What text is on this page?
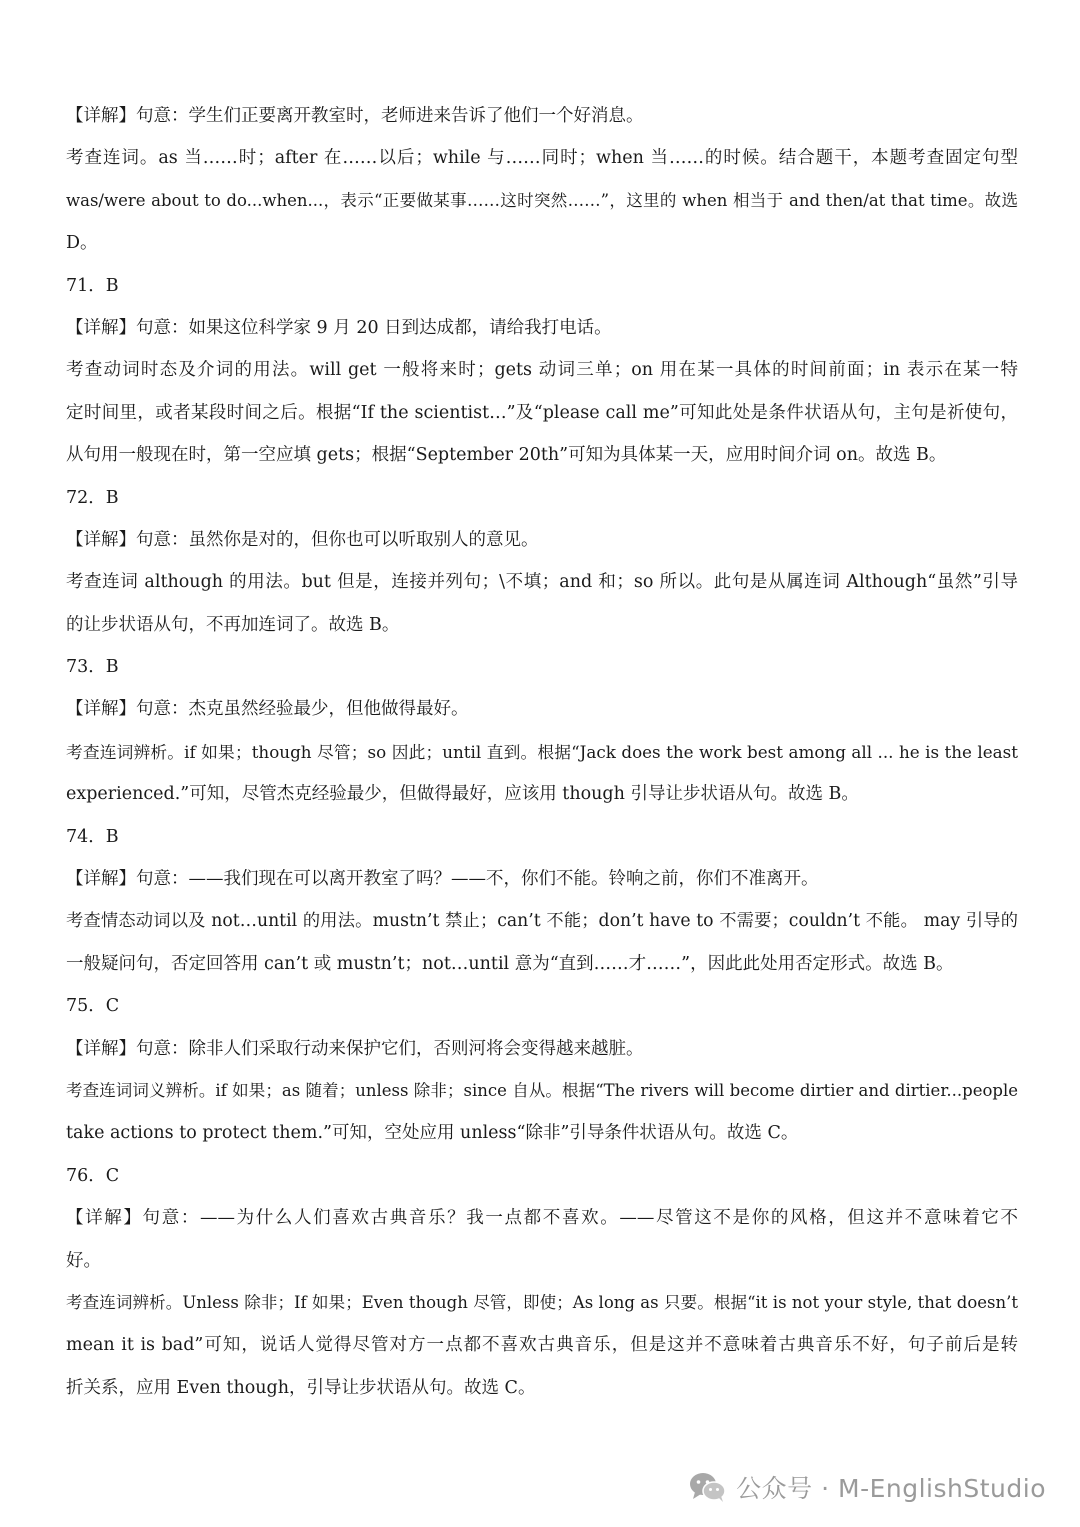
【详解】句意：学生们正要离开教室时，老师进来告诉了他们一个好消息。
考查连词。as 当……时；after 在……以后；while 与……同时；when 当……的时候。结合题干，本题考查固定句型
was/were about to do...when...，表示“正要做某事……这时突然……”，这里的 when 相当于 and then/at that time。故选
D。
71．B
【详解】句意：如果这位科学家 9 月 20 日到达成都，请给我打电话。
考查动词时态及介词的用法。will get 一般将来时；gets 动词三单；on 用在某一具体的时间前面；in 表示在某一特
定时间里，或者某段时间之后。根据“If the scientist…”及“please call me”可知此处是条件状语从句，主句是祈使句，
从句用一般现在时，第一空应填 gets；根据“September 20th”可知为具体某一天，应用时间介词 on。故选 B。
72．B
【详解】句意：虽然你是对的，但你也可以听取别人的意见。
考查连词 although 的用法。but 但是，连接并列句；\不填；and 和；so 所以。此句是从属连词 Although“虽然”引导
的让步状语从句，不再加连词了。故选 B。
73．B
【详解】句意：杰克虽然经验最少，但他做得最好。
考查连词辨析。if 如果；though 尽管；so 因此；until 直到。根据“Jack does the work best among all ... he is the least
experienced.”可知，尽管杰克经验最少，但做得最好，应该用 though 引导让步状语从句。故选 B。
74．B
【详解】句意：——我们现在可以离开教室了吗？——不，你们不能。铃响之前，你们不准离开。
考查情态动词以及 not…until 的用法。mustn’t 禁止；can’t 不能；don’t have to 不需要；couldn’t 不能。 may 引导的
一般疑问句，否定回答用 can’t 或 mustn’t；not…until 意为“直到……才……”，因此此处用否定形式。故选 B。
75．C
【详解】句意：除非人们采取行动来保护它们，否则河将会变得越来越脏。
考查连词词义辨析。if 如果；as 随着；unless 除非；since 自从。根据“The rivers will become dirtier and dirtier...people
take actions to protect them.”可知，空处应用 unless“除非”引导条件状语从句。故选 C。
76．C
【详解】句意：——为什么人们喜欢古典音乐？我一点都不喜欢。——尽管这不是你的风格，但这并不意味着它不
好。
考查连词辨析。Unless 除非；If 如果；Even though 尽管，即使；As long as 只要。根据“it is not your style, that doesn’t
mean it is bad”可知，说话人觉得尽管对方一点都不喜欢古典音乐，但是这并不意味着古典音乐不好，句子前后是转
折关系，应用 Even though，引导让步状语从句。故选 C。
公众号 · M-EnglishStudio
